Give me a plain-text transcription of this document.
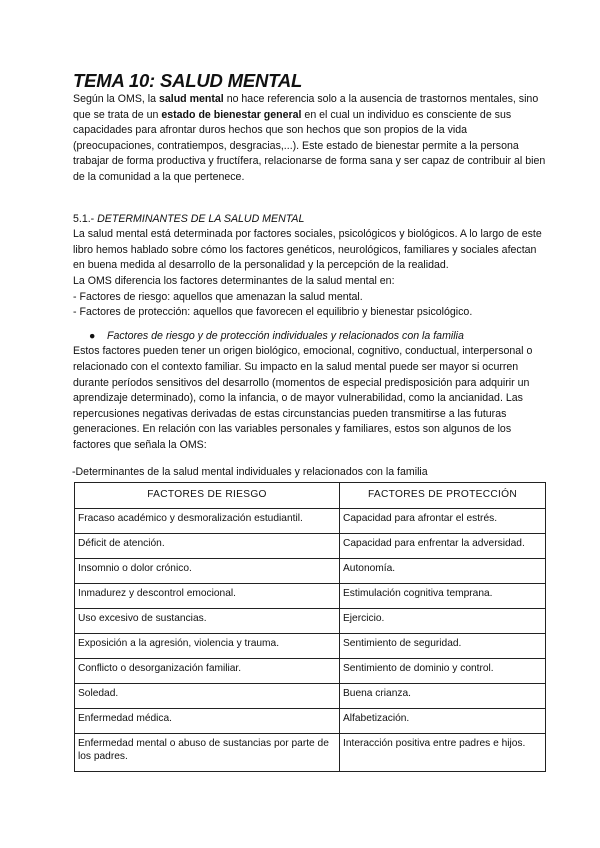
TEMA 10: SALUD MENTAL

Según la OMS, la salud mental no hace referencia solo a la ausencia de trastornos mentales, sino que se trata de un estado de bienestar general en el cual un individuo es consciente de sus capacidades para afrontar duros hechos que son hechos que son propios de la vida (preocupaciones, contratiempos, desgracias,...). Este estado de bienestar permite a la persona trabajar de forma productiva y fructífera, relacionarse de forma sana y ser capaz de contribuir al bien de la comunidad a la que pertenece.

5.1.- DETERMINANTES DE LA SALUD MENTAL

La salud mental está determinada por factores sociales, psicológicos y biológicos. A lo largo de este libro hemos hablado sobre cómo los factores genéticos, neurológicos, familiares y sociales afectan en buena medida al desarrollo de la personalidad y la percepción de la realidad.

La OMS diferencia los factores determinantes de la salud mental en:

- Factores de riesgo: aquellos que amenazan la salud mental.

- Factores de protección: aquellos que favorecen el equilibrio y bienestar psicológico.

● Factores de riesgo y de protección individuales y relacionados con la familia

Estos factores pueden tener un origen biológico, emocional, cognitivo, conductual, interpersonal o relacionado con el contexto familiar. Su impacto en la salud mental puede ser mayor si ocurren durante períodos sensitivos del desarrollo (momentos de especial predisposición para adquirir un aprendizaje determinado), como la infancia, o de mayor vulnerabilidad, como la ancianidad. Las repercusiones negativas derivadas de estas circunstancias pueden transmitirse a las futuras generaciones. En relación con las variables personales y familiares, estos son algunos de los factores que señala la OMS:

-Determinantes de la salud mental individuales y relacionados con la familia

FACTORES DE RIESGO	FACTORES DE PROTECCIÓN
Fracaso académico y desmoralización estudiantil.	Capacidad para afrontar el estrés.
Déficit de atención.	Capacidad para enfrentar la adversidad.
Insomnio o dolor crónico.	Autonomía.
Inmadurez y descontrol emocional.	Estimulación cognitiva temprana.
Uso excesivo de sustancias.	Ejercicio.
Exposición a la agresión, violencia y trauma.	Sentimiento de seguridad.
Conflicto o desorganización familiar.	Sentimiento de dominio y control.
Soledad.	Buena crianza.
Enfermedad médica.	Alfabetización.
Enfermedad mental o abuso de sustancias por parte de los padres.	Interacción positiva entre padres e hijos.
